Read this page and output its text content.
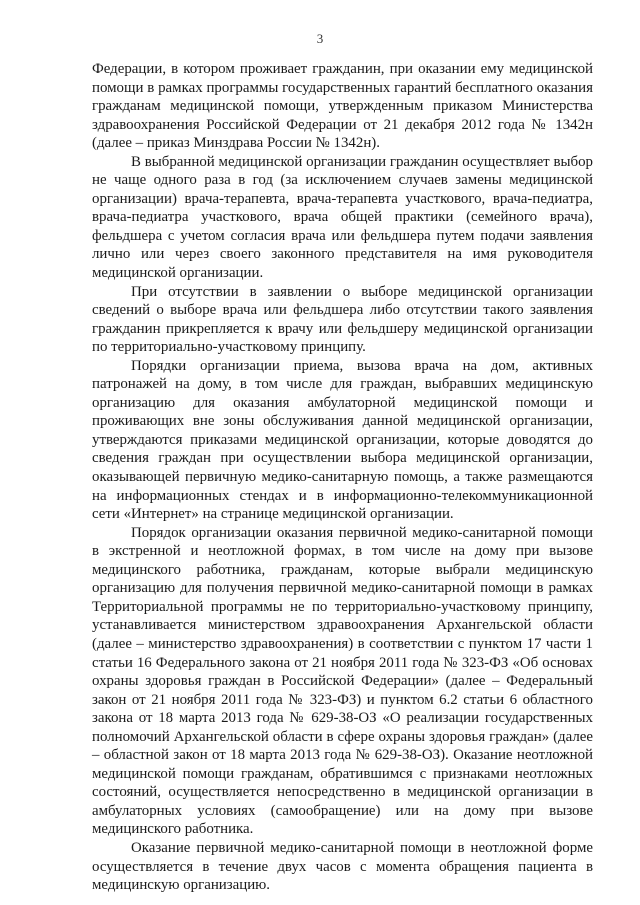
3

Федерации, в котором проживает гражданин, при оказании ему медицинской помощи в рамках программы государственных гарантий бесплатного оказания гражданам медицинской помощи, утвержденным приказом Министерства здравоохранения Российской Федерации от 21 декабря 2012 года № 1342н (далее – приказ Минздрава России № 1342н).

В выбранной медицинской организации гражданин осуществляет выбор не чаще одного раза в год (за исключением случаев замены медицинской организации) врача-терапевта, врача-терапевта участкового, врача-педиатра, врача-педиатра участкового, врача общей практики (семейного врача), фельдшера с учетом согласия врача или фельдшера путем подачи заявления лично или через своего законного представителя на имя руководителя медицинской организации.

При отсутствии в заявлении о выборе медицинской организации сведений о выборе врача или фельдшера либо отсутствии такого заявления гражданин прикрепляется к врачу или фельдшеру медицинской организации по территориально-участковому принципу.

Порядки организации приема, вызова врача на дом, активных патронажей на дому, в том числе для граждан, выбравших медицинскую организацию для оказания амбулаторной медицинской помощи и проживающих вне зоны обслуживания данной медицинской организации, утверждаются приказами медицинской организации, которые доводятся до сведения граждан при осуществлении выбора медицинской организации, оказывающей первичную медико-санитарную помощь, а также размещаются на информационных стендах и в информационно-телекоммуникационной сети «Интернет» на странице медицинской организации.

Порядок организации оказания первичной медико-санитарной помощи в экстренной и неотложной формах, в том числе на дому при вызове медицинского работника, гражданам, которые выбрали медицинскую организацию для получения первичной медико-санитарной помощи в рамках Территориальной программы не по территориально-участковому принципу, устанавливается министерством здравоохранения Архангельской области (далее – министерство здравоохранения) в соответствии с пунктом 17 части 1 статьи 16 Федерального закона от 21 ноября 2011 года № 323-ФЗ «Об основах охраны здоровья граждан в Российской Федерации» (далее – Федеральный закон от 21 ноября 2011 года № 323-ФЗ) и пунктом 6.2 статьи 6 областного закона от 18 марта 2013 года № 629-38-ОЗ «О реализации государственных полномочий Архангельской области в сфере охраны здоровья граждан» (далее – областной закон от 18 марта 2013 года № 629-38-ОЗ). Оказание неотложной медицинской помощи гражданам, обратившимся с признаками неотложных состояний, осуществляется непосредственно в медицинской организации в амбулаторных условиях (самообращение) или на дому при вызове медицинского работника.

Оказание первичной медико-санитарной помощи в неотложной форме осуществляется в течение двух часов с момента обращения пациента в медицинскую организацию.
